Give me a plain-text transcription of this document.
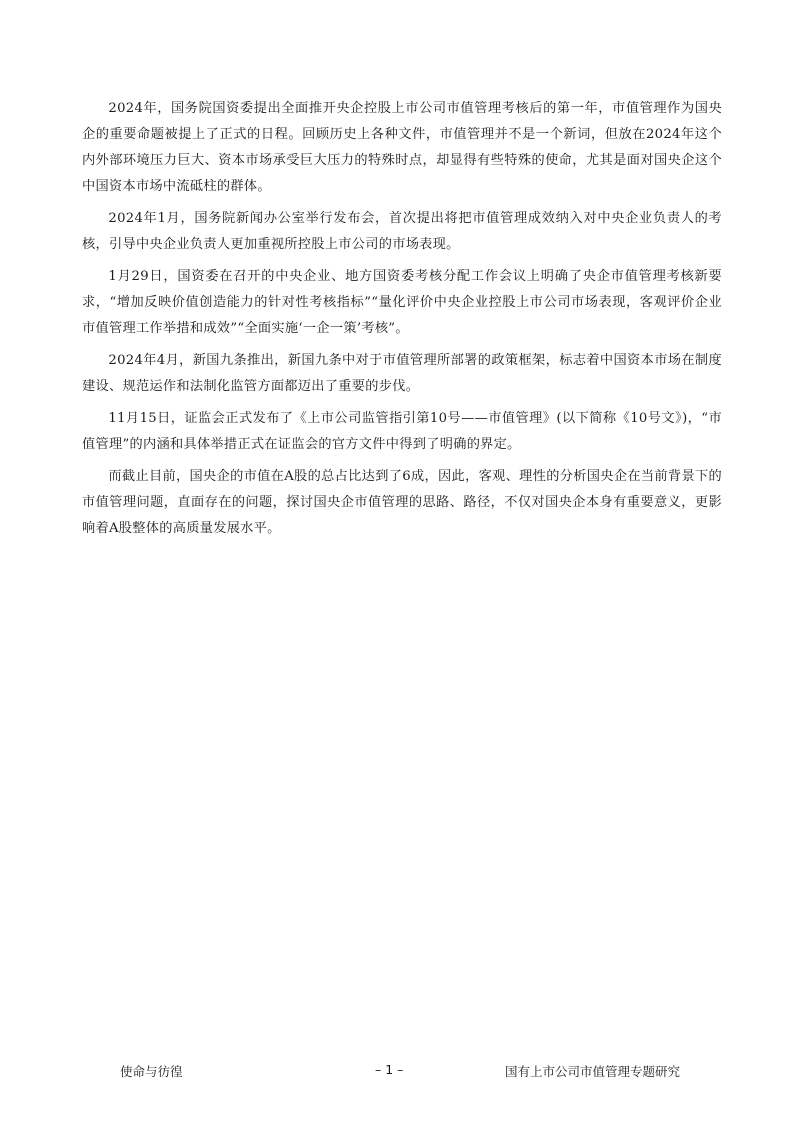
2024年，国务院国资委提出全面推开央企控股上市公司市值管理考核后的第一年，市值管理作为国央企的重要命题被提上了正式的日程。回顾历史上各种文件，市值管理并不是一个新词，但放在2024年这个内外部环境压力巨大、资本市场承受巨大压力的特殊时点，却显得有些特殊的使命，尤其是面对国央企这个中国资本市场中流砥柱的群体。

2024年1月，国务院新闻办公室举行发布会，首次提出将把市值管理成效纳入对中央企业负责人的考核，引导中央企业负责人更加重视所控股上市公司的市场表现。

1月29日，国资委在召开的中央企业、地方国资委考核分配工作会议上明确了央企市值管理考核新要求，“增加反映价值创造能力的针对性考核指标”“量化评价中央企业控股上市公司市场表现，客观评价企业市值管理工作举措和成效”“全面实施‘一企一策’考核”。

2024年4月，新国九条推出，新国九条中对于市值管理所部署的政策框架，标志着中国资本市场在制度建设、规范运作和法制化监管方面都迈出了重要的步伐。

11月15日，证监会正式发布了《上市公司监管指引第10号——市值管理》(以下简称《10号文》)，“市值管理”的内涵和具体举措正式在证监会的官方文件中得到了明确的界定。

而截止目前，国央企的市值在A股的总占比达到了6成，因此，客观、理性的分析国央企在当前背景下的市值管理问题，直面存在的问题，探讨国央企市值管理的思路、路径，不仅对国央企本身有重要意义，更影响着A股整体的高质量发展水平。

使命与彷徨	– 1 –	国有上市公司市值管理专题研究
